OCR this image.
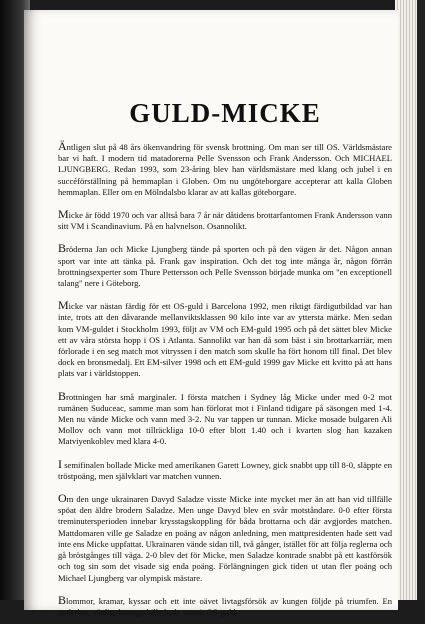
GULD-MICKE

Äntligen slut på 48 års ökenvandring för svensk brottning. Om man ser till OS. Världsmästare bar vi haft. I modern tid matadorerna Pelle Svensson och Frank Andersson. Och MICHAEL LJUNGBERG. Redan 1993, som 23-åring blev han världsmästare med klang och jubel i en succéförställning på hemmaplan i Globen. Om nu ungöteborgare accepterar att kalla Globen hemmaplan. Eller om en Mölndalsbo klarar av att kallas göteborgare.

Micke är född 1970 och var alltså bara 7 år när dåtidens brottarfantomen Frank Andersson vann sitt VM i Scandinavium. På en halvnelson. Osannolikt.

Bröderna Jan och Micke Ljungberg tände på sporten och på den vägen är det. Någon annan sport var inte att tänka på. Frank gav inspiration. Och det tog inte många år, någon förrän brottningsexperter som Thure Pettersson och Pelle Svensson började munka om "en exceptionell talang" nere i Göteborg.

Micke var nästan färdig för ett OS-guld i Barcelona 1992, men riktigt färdigutbildad var han inte, trots att den dåvarande mellanviktsklassen 90 kilo inte var av yttersta märke. Men sedan kom VM-guldet i Stockholm 1993, följt av VM och EM-guld 1995 och på det sättet blev Micke ett av våra största hopp i OS i Atlanta. Sannolikt var han då som bäst i sin brottarkarriär, men förlorade i en seg match mot vitryssen i den match som skulle ha fört honom till final. Det blev dock en bronsmedalj. Ett EM-silver 1998 och ett EM-guld 1999 gav Micke ett kvitto på att hans plats var i världstoppen.

Brottningen har små marginaler. I första matchen i Sydney låg Micke under med 0-2 mot rumänen Suduceac, samme man som han förlorat mot i Finland tidigare på säsongen med 1-4. Men nu vände Micke och vann med 3-2. Nu var tappen ur tunnan. Micke mosade bulgaren Ali Mollov och vann mot tillräckliga 10-0 efter blott 1.40 och i kvarten slog han kazaken Matviyenkoblev med klara 4-0.

I semifinalen bollade Micke med amerikanen Garett Lowney, gick snabbt upp till 8-0, släppte en tröstpoäng, men självklart var matchen vunnen.

Om den unge ukrainaren Davyd Saladze visste Micke inte mycket mer än att han vid tillfälle spöat den äldre brodern Saladze. Men unge Davyd blev en svår motståndare. 0-0 efter första treminutersperioden innebar krysstagskoppling för båda brottarna och där avgjordes matchen. Mattdomaren ville ge Saladze en poäng av någon anledning, men mattpresidenten hade sett vad inte ens Micke uppfattat. Ukrainaren vände sidan till, två gånger, istället för att följa reglerna och gå bröstgånges till väga. 2-0 blev det för Micke, men Saladze kontrade snabbt på ett kastförsök och tog sin som det visade sig enda poäng. Förlängningen gick tiden ut utan fler poäng och Michael Ljungberg var olympisk mästare.

Blommor, kramar, kyssar och ett inte oävet livtagsförsök av kungen följde på triumfen. En underbar, vänlig, kramgo kille hade vunnit OS-guld.
